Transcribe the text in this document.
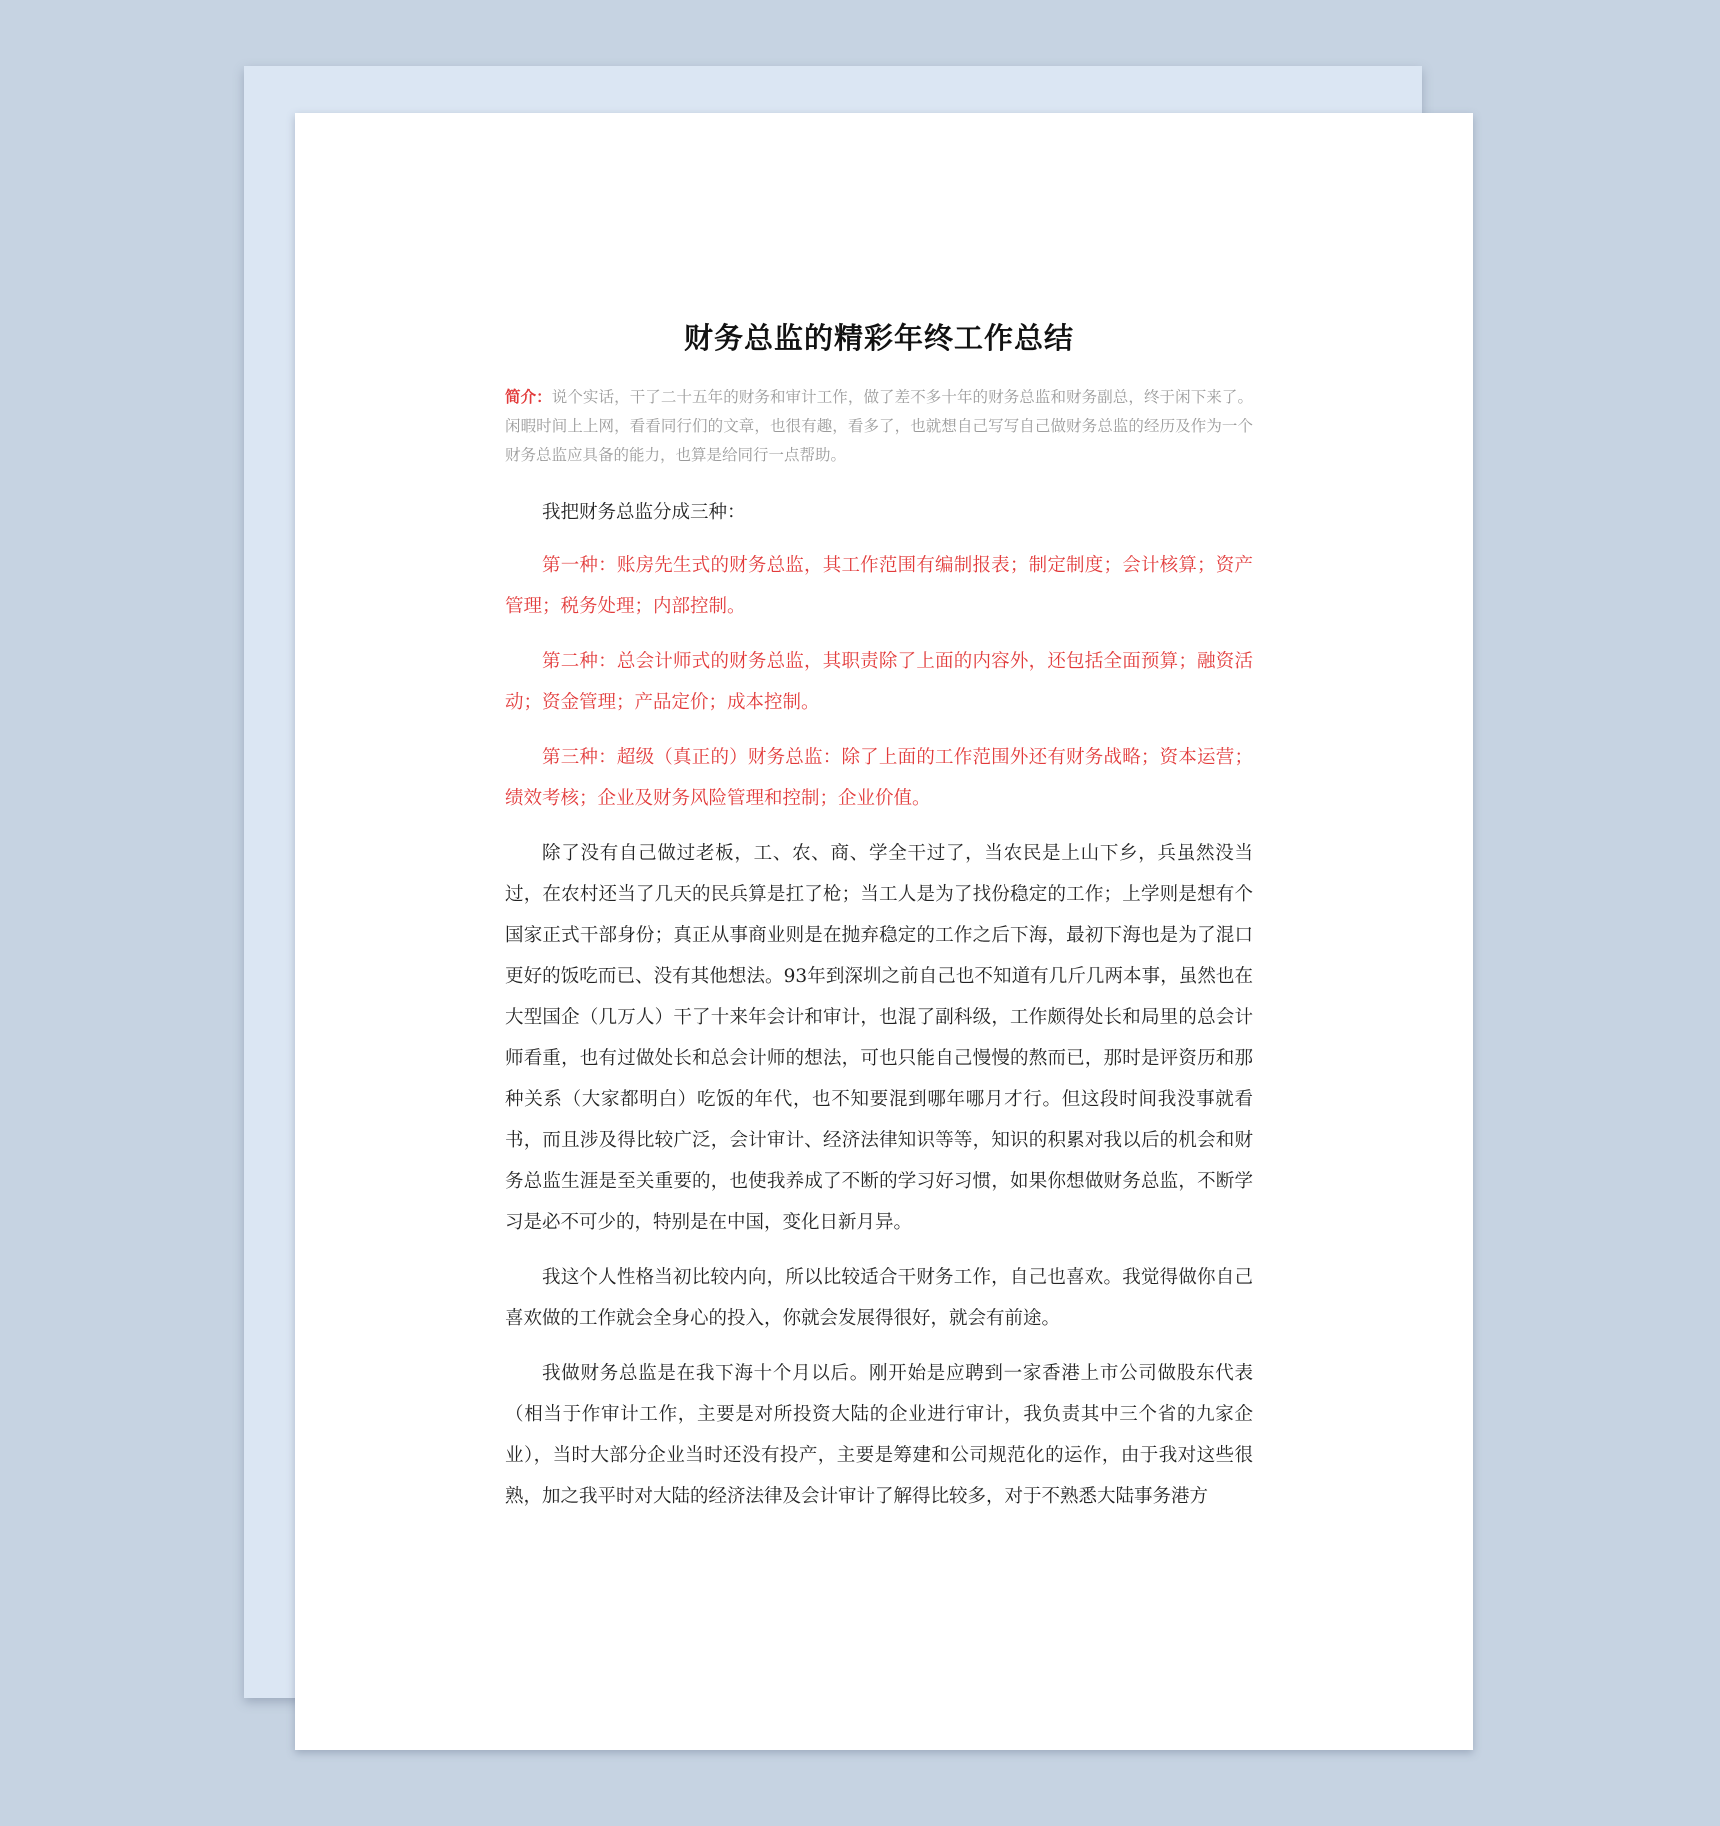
财务总监的精彩年终工作总结

简介：说个实话，干了二十五年的财务和审计工作，做了差不多十年的财务总监和财务副总，终于闲下来了。闲暇时间上上网，看看同行们的文章，也很有趣，看多了，也就想自己写写自己做财务总监的经历及作为一个财务总监应具备的能力，也算是给同行一点帮助。

我把财务总监分成三种：

第一种：账房先生式的财务总监，其工作范围有编制报表；制定制度；会计核算；资产管理；税务处理；内部控制。

第二种：总会计师式的财务总监，其职责除了上面的内容外，还包括全面预算；融资活动；资金管理；产品定价；成本控制。

第三种：超级（真正的）财务总监：除了上面的工作范围外还有财务战略；资本运营；绩效考核；企业及财务风险管理和控制；企业价值。

除了没有自己做过老板，工、农、商、学全干过了，当农民是上山下乡，兵虽然没当过，在农村还当了几天的民兵算是扛了枪；当工人是为了找份稳定的工作；上学则是想有个国家正式干部身份；真正从事商业则是在抛弃稳定的工作之后下海，最初下海也是为了混口更好的饭吃而已、没有其他想法。93年到深圳之前自己也不知道有几斤几两本事，虽然也在大型国企（几万人）干了十来年会计和审计，也混了副科级，工作颇得处长和局里的总会计师看重，也有过做处长和总会计师的想法，可也只能自己慢慢的熬而已，那时是评资历和那种关系（大家都明白）吃饭的年代，也不知要混到哪年哪月才行。但这段时间我没事就看书，而且涉及得比较广泛，会计审计、经济法律知识等等，知识的积累对我以后的机会和财务总监生涯是至关重要的，也使我养成了不断的学习好习惯，如果你想做财务总监，不断学习是必不可少的，特别是在中国，变化日新月异。

我这个人性格当初比较内向，所以比较适合干财务工作，自己也喜欢。我觉得做你自己喜欢做的工作就会全身心的投入，你就会发展得很好，就会有前途。

我做财务总监是在我下海十个月以后。刚开始是应聘到一家香港上市公司做股东代表（相当于作审计工作，主要是对所投资大陆的企业进行审计，我负责其中三个省的九家企业），当时大部分企业当时还没有投产，主要是筹建和公司规范化的运作，由于我对这些很熟，加之我平时对大陆的经济法律及会计审计了解得比较多，对于不熟悉大陆事务港方
